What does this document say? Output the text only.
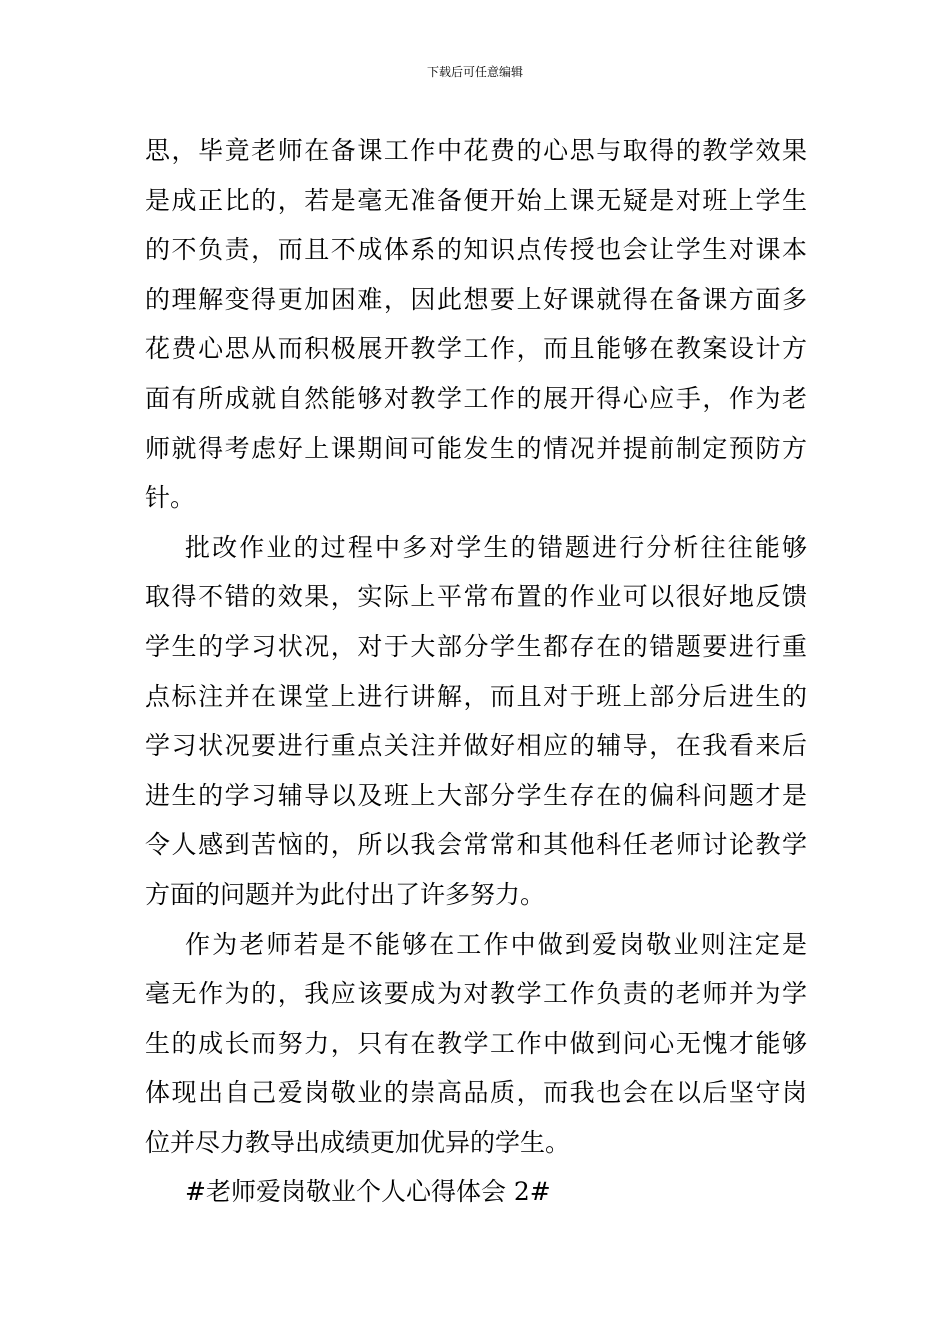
下载后可任意编辑
思，毕竟老师在备课工作中花费的心思与取得的教学效果
是成正比的，若是毫无准备便开始上课无疑是对班上学生
的不负责，而且不成体系的知识点传授也会让学生对课本
的理解变得更加困难，因此想要上好课就得在备课方面多
花费心思从而积极展开教学工作，而且能够在教案设计方
面有所成就自然能够对教学工作的展开得心应手，作为老
师就得考虑好上课期间可能发生的情况并提前制定预防方
针。
批改作业的过程中多对学生的错题进行分析往往能够
取得不错的效果，实际上平常布置的作业可以很好地反馈
学生的学习状况，对于大部分学生都存在的错题要进行重
点标注并在课堂上进行讲解，而且对于班上部分后进生的
学习状况要进行重点关注并做好相应的辅导，在我看来后
进生的学习辅导以及班上大部分学生存在的偏科问题才是
令人感到苦恼的，所以我会常常和其他科任老师讨论教学
方面的问题并为此付出了许多努力。
作为老师若是不能够在工作中做到爱岗敬业则注定是
毫无作为的，我应该要成为对教学工作负责的老师并为学
生的成长而努力，只有在教学工作中做到问心无愧才能够
体现出自己爱岗敬业的崇高品质，而我也会在以后坚守岗
位并尽力教导出成绩更加优异的学生。
#老师爱岗敬业个人心得体会 2#
